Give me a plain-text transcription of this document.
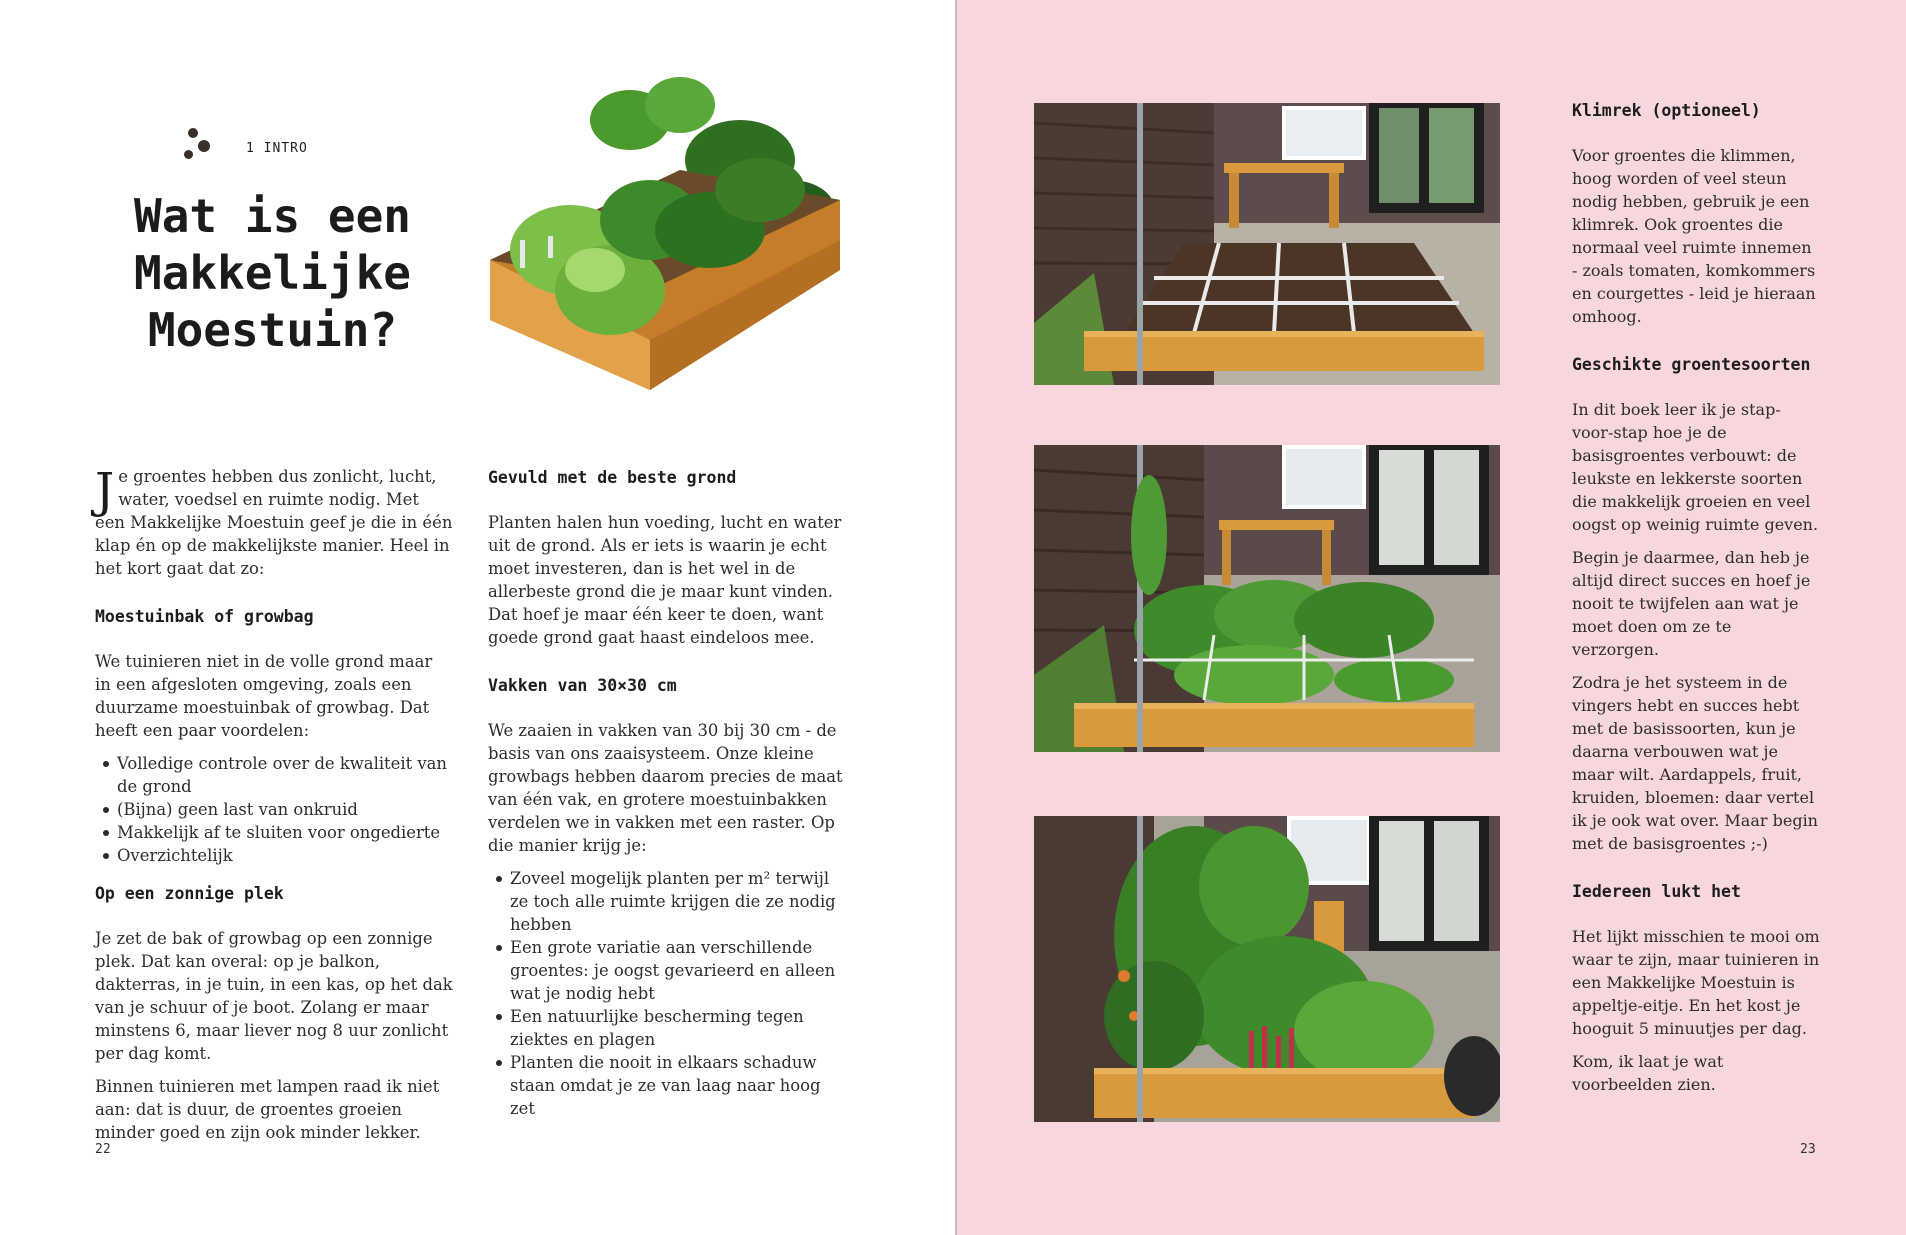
1 INTRO
Wat is een Makkelijke Moestuin?

Je groentes hebben dus zonlicht, lucht, water, voedsel en ruimte nodig. Met een Makkelijke Moestuin geef je die in één klap én op de makkelijkste manier. Heel in het kort gaat dat zo:

Moestuinbak of growbag

We tuinieren niet in de volle grond maar in een afgesloten omgeving, zoals een duurzame moestuinbak of growbag. Dat heeft een paar voordelen:

Volledige controle over de kwaliteit van de grond
(Bijna) geen last van onkruid
Makkelijk af te sluiten voor ongedierte
Overzichtelijk
Op een zonnige plek

Je zet de bak of growbag op een zonnige plek. Dat kan overal: op je balkon, dakterras, in je tuin, in een kas, op het dak van je schuur of je boot. Zolang er maar minstens 6, maar liever nog 8 uur zonlicht per dag komt.

Binnen tuinieren met lampen raad ik niet aan: dat is duur, de groentes groeien minder goed en zijn ook minder lekker.

Gevuld met de beste grond

Planten halen hun voeding, lucht en water uit de grond. Als er iets is waarin je echt moet investeren, dan is het wel in de allerbeste grond die je maar kunt vinden. Dat hoef je maar één keer te doen, want goede grond gaat haast eindeloos mee.

Vakken van 30×30 cm

We zaaien in vakken van 30 bij 30 cm - de basis van ons zaaisysteem. Onze kleine growbags hebben daarom precies de maat van één vak, en grotere moestuinbakken verdelen we in vakken met een raster. Op die manier krijg je:

Zoveel mogelijk planten per m² terwijl ze toch alle ruimte krijgen die ze nodig hebben
Een grote variatie aan verschillende groentes: je oogst gevarieerd en alleen wat je nodig hebt
Een natuurlijke bescherming tegen ziektes en plagen
Planten die nooit in elkaars schaduw staan omdat je ze van laag naar hoog zet
22
Klimrek (optioneel)

Voor groentes die klimmen, hoog worden of veel steun nodig hebben, gebruik je een klimrek. Ook groentes die normaal veel ruimte innemen - zoals tomaten, komkommers en courgettes - leid je hieraan omhoog.

Geschikte groentesoorten

In dit boek leer ik je stap-voor-stap hoe je de basisgroentes verbouwt: de leukste en lekkerste soorten die makkelijk groeien en veel oogst op weinig ruimte geven.

Begin je daarmee, dan heb je altijd direct succes en hoef je nooit te twijfelen aan wat je moet doen om ze te verzorgen.

Zodra je het systeem in de vingers hebt en succes hebt met de basissoorten, kun je daarna verbouwen wat je maar wilt. Aardappels, fruit, kruiden, bloemen: daar vertel ik je ook wat over. Maar begin met de basisgroentes ;-)

Iedereen lukt het

Het lijkt misschien te mooi om waar te zijn, maar tuinieren in een Makkelijke Moestuin is appeltje-eitje. En het kost je hooguit 5 minuutjes per dag.

Kom, ik laat je wat voorbeelden zien.

23
